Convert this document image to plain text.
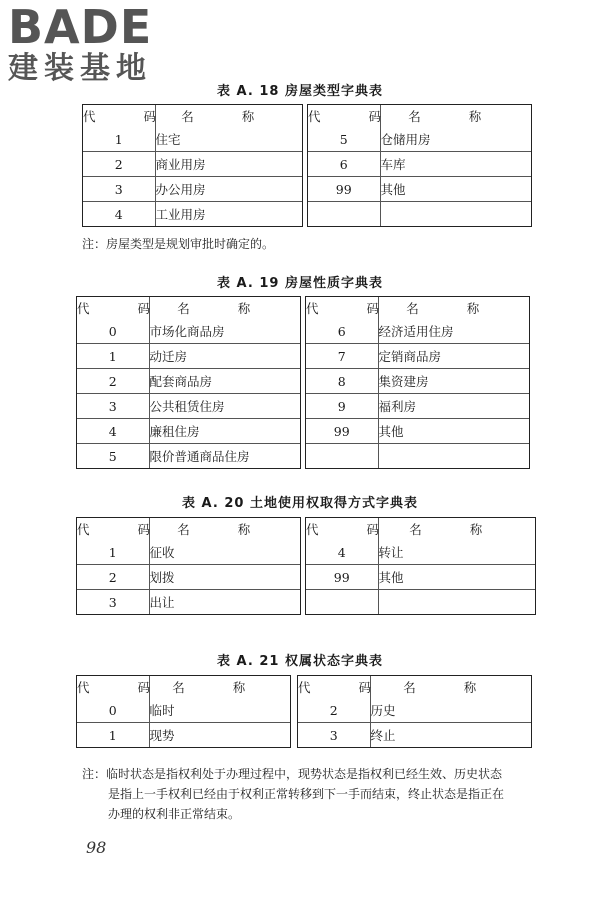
BADE
建装基地
表 A. 18 房屋类型字典表
代 码	名 称
1	住宅
2	商业用房
3	办公用房
4	工业用房
代 码	名 称
5	仓储用房
6	车库
99	其他

注：房屋类型是规划审批时确定的。
表 A. 19 房屋性质字典表
代 码	名 称
0	市场化商品房
1	动迁房
2	配套商品房
3	公共租赁住房
4	廉租住房
5	限价普通商品住房
代 码	名 称
6	经济适用住房
7	定销商品房
8	集资建房
9	福利房
99	其他

表 A. 20 土地使用权取得方式字典表
代 码	名 称
1	征收
2	划拨
3	出让
代 码	名 称
4	转让
99	其他

表 A. 21 权属状态字典表
代 码	名 称
0	临时
1	现势
代 码	名 称
2	历史
3	终止
注：临时状态是指权利处于办理过程中，现势状态是指权利已经生效、历史状态
是指上一手权利已经由于权利正常转移到下一手而结束，终止状态是指正在
办理的权利非正常结束。
98
